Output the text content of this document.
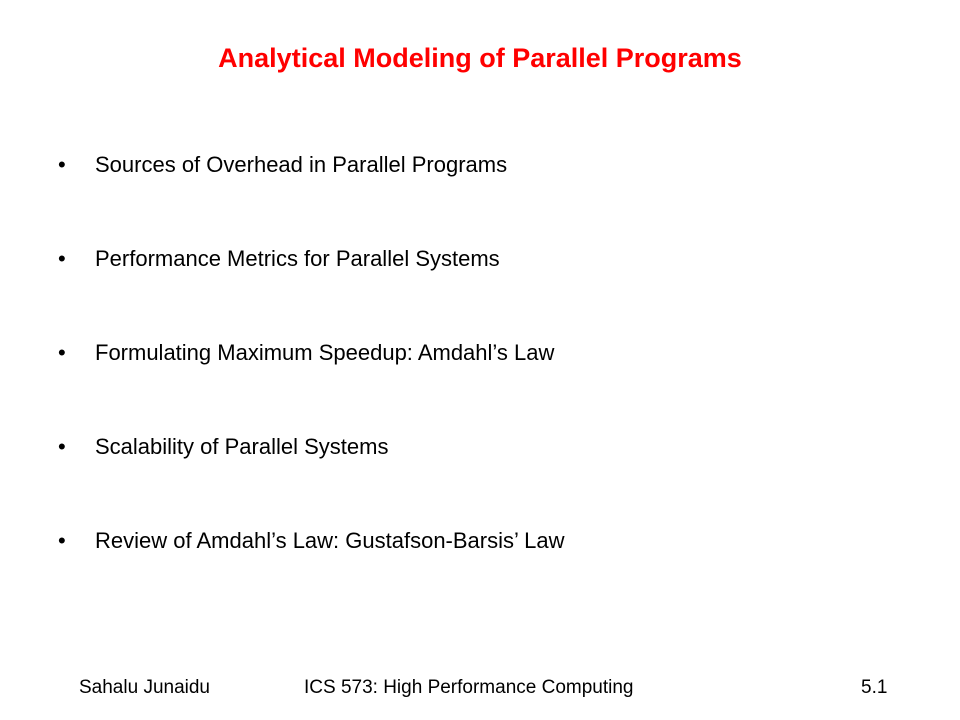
Analytical Modeling of Parallel Programs
•	Sources of Overhead in Parallel Programs
•	Performance Metrics for Parallel Systems
•	Formulating Maximum Speedup: Amdahl’s Law
•	Scalability of Parallel Systems
•	Review of Amdahl’s Law: Gustafson-Barsis’ Law
Sahalu Junaidu	ICS 573: High Performance Computing	5.1
